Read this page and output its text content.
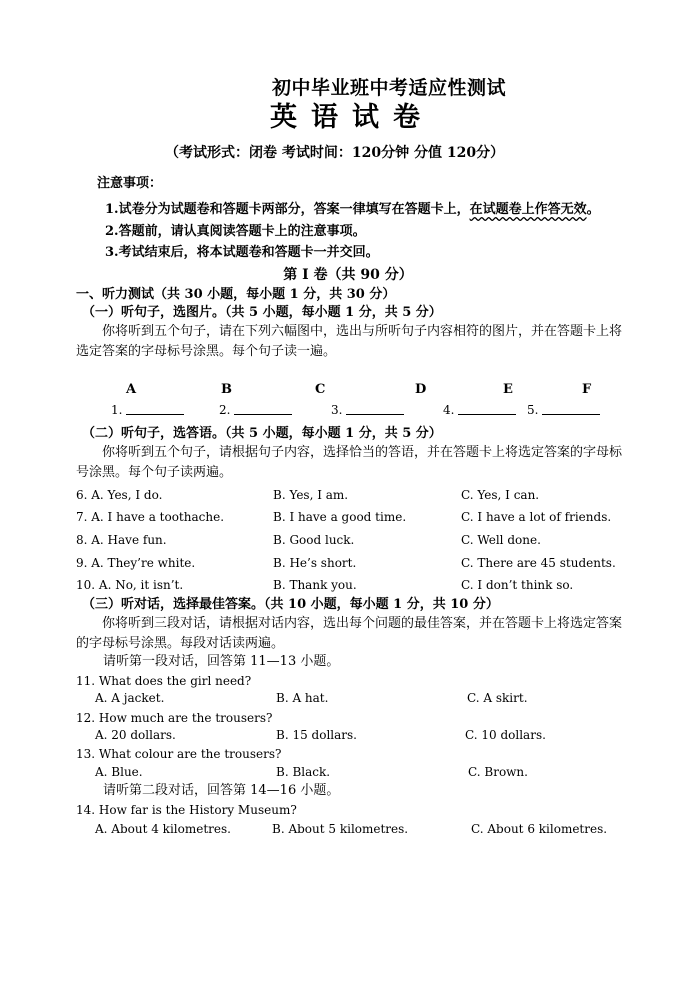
初中毕业班中考适应性测试
英语试卷
（考试形式：闭卷 考试时间：120分钟 分值 120分）
注意事项：
1.试卷分为试题卷和答题卡两部分，答案一律填写在答题卡上，在试题卷上作答无效。
2.答题前，请认真阅读答题卡上的注意事项。
3.考试结束后，将本试题卷和答题卡一并交回。
第 I 卷（共 90 分）
一、听力测试（共 30 小题，每小题 1 分，共 30 分）
（一）听句子，选图片。（共 5 小题，每小题 1 分，共 5 分）
你将听到五个句子，请在下列六幅图中，选出与所听句子内容相符的图片，并在答题卡上将选定答案的字母标号涂黑。每个句子读一遍。
A	B	C	D	E	F
1.	2.	3.	4.	5.
（二）听句子，选答语。（共 5 小题，每小题 1 分，共 5 分）
你将听到五个句子，请根据句子内容，选择恰当的答语，并在答题卡上将选定答案的字母标号涂黑。每个句子读两遍。
6. A. Yes, I do.	B. Yes, I am.	C. Yes, I can.
7. A. I have a toothache.	B. I have a good time.	C. I have a lot of friends.
8. A. Have fun.	B. Good luck.	C. Well done.
9. A. They’re white.	B. He’s short.	C. There are 45 students.
10. A. No, it isn’t.	B. Thank you.	C. I don’t think so.
（三）听对话，选择最佳答案。（共 10 小题，每小题 1 分，共 10 分）
你将听到三段对话，请根据对话内容，选出每个问题的最佳答案，并在答题卡上将选定答案的字母标号涂黑。每段对话读两遍。
请听第一段对话，回答第 11—13 小题。
11. What does the girl need?
A. A jacket.	B. A hat.	C. A skirt.
12. How much are the trousers?
A. 20 dollars.	B. 15 dollars.	C. 10 dollars.
13. What colour are the trousers?
A. Blue.	B. Black.	C. Brown.
请听第二段对话，回答第 14—16 小题。
14. How far is the History Museum?
A. About 4 kilometres.	B. About 5 kilometres.	C. About 6 kilometres.
